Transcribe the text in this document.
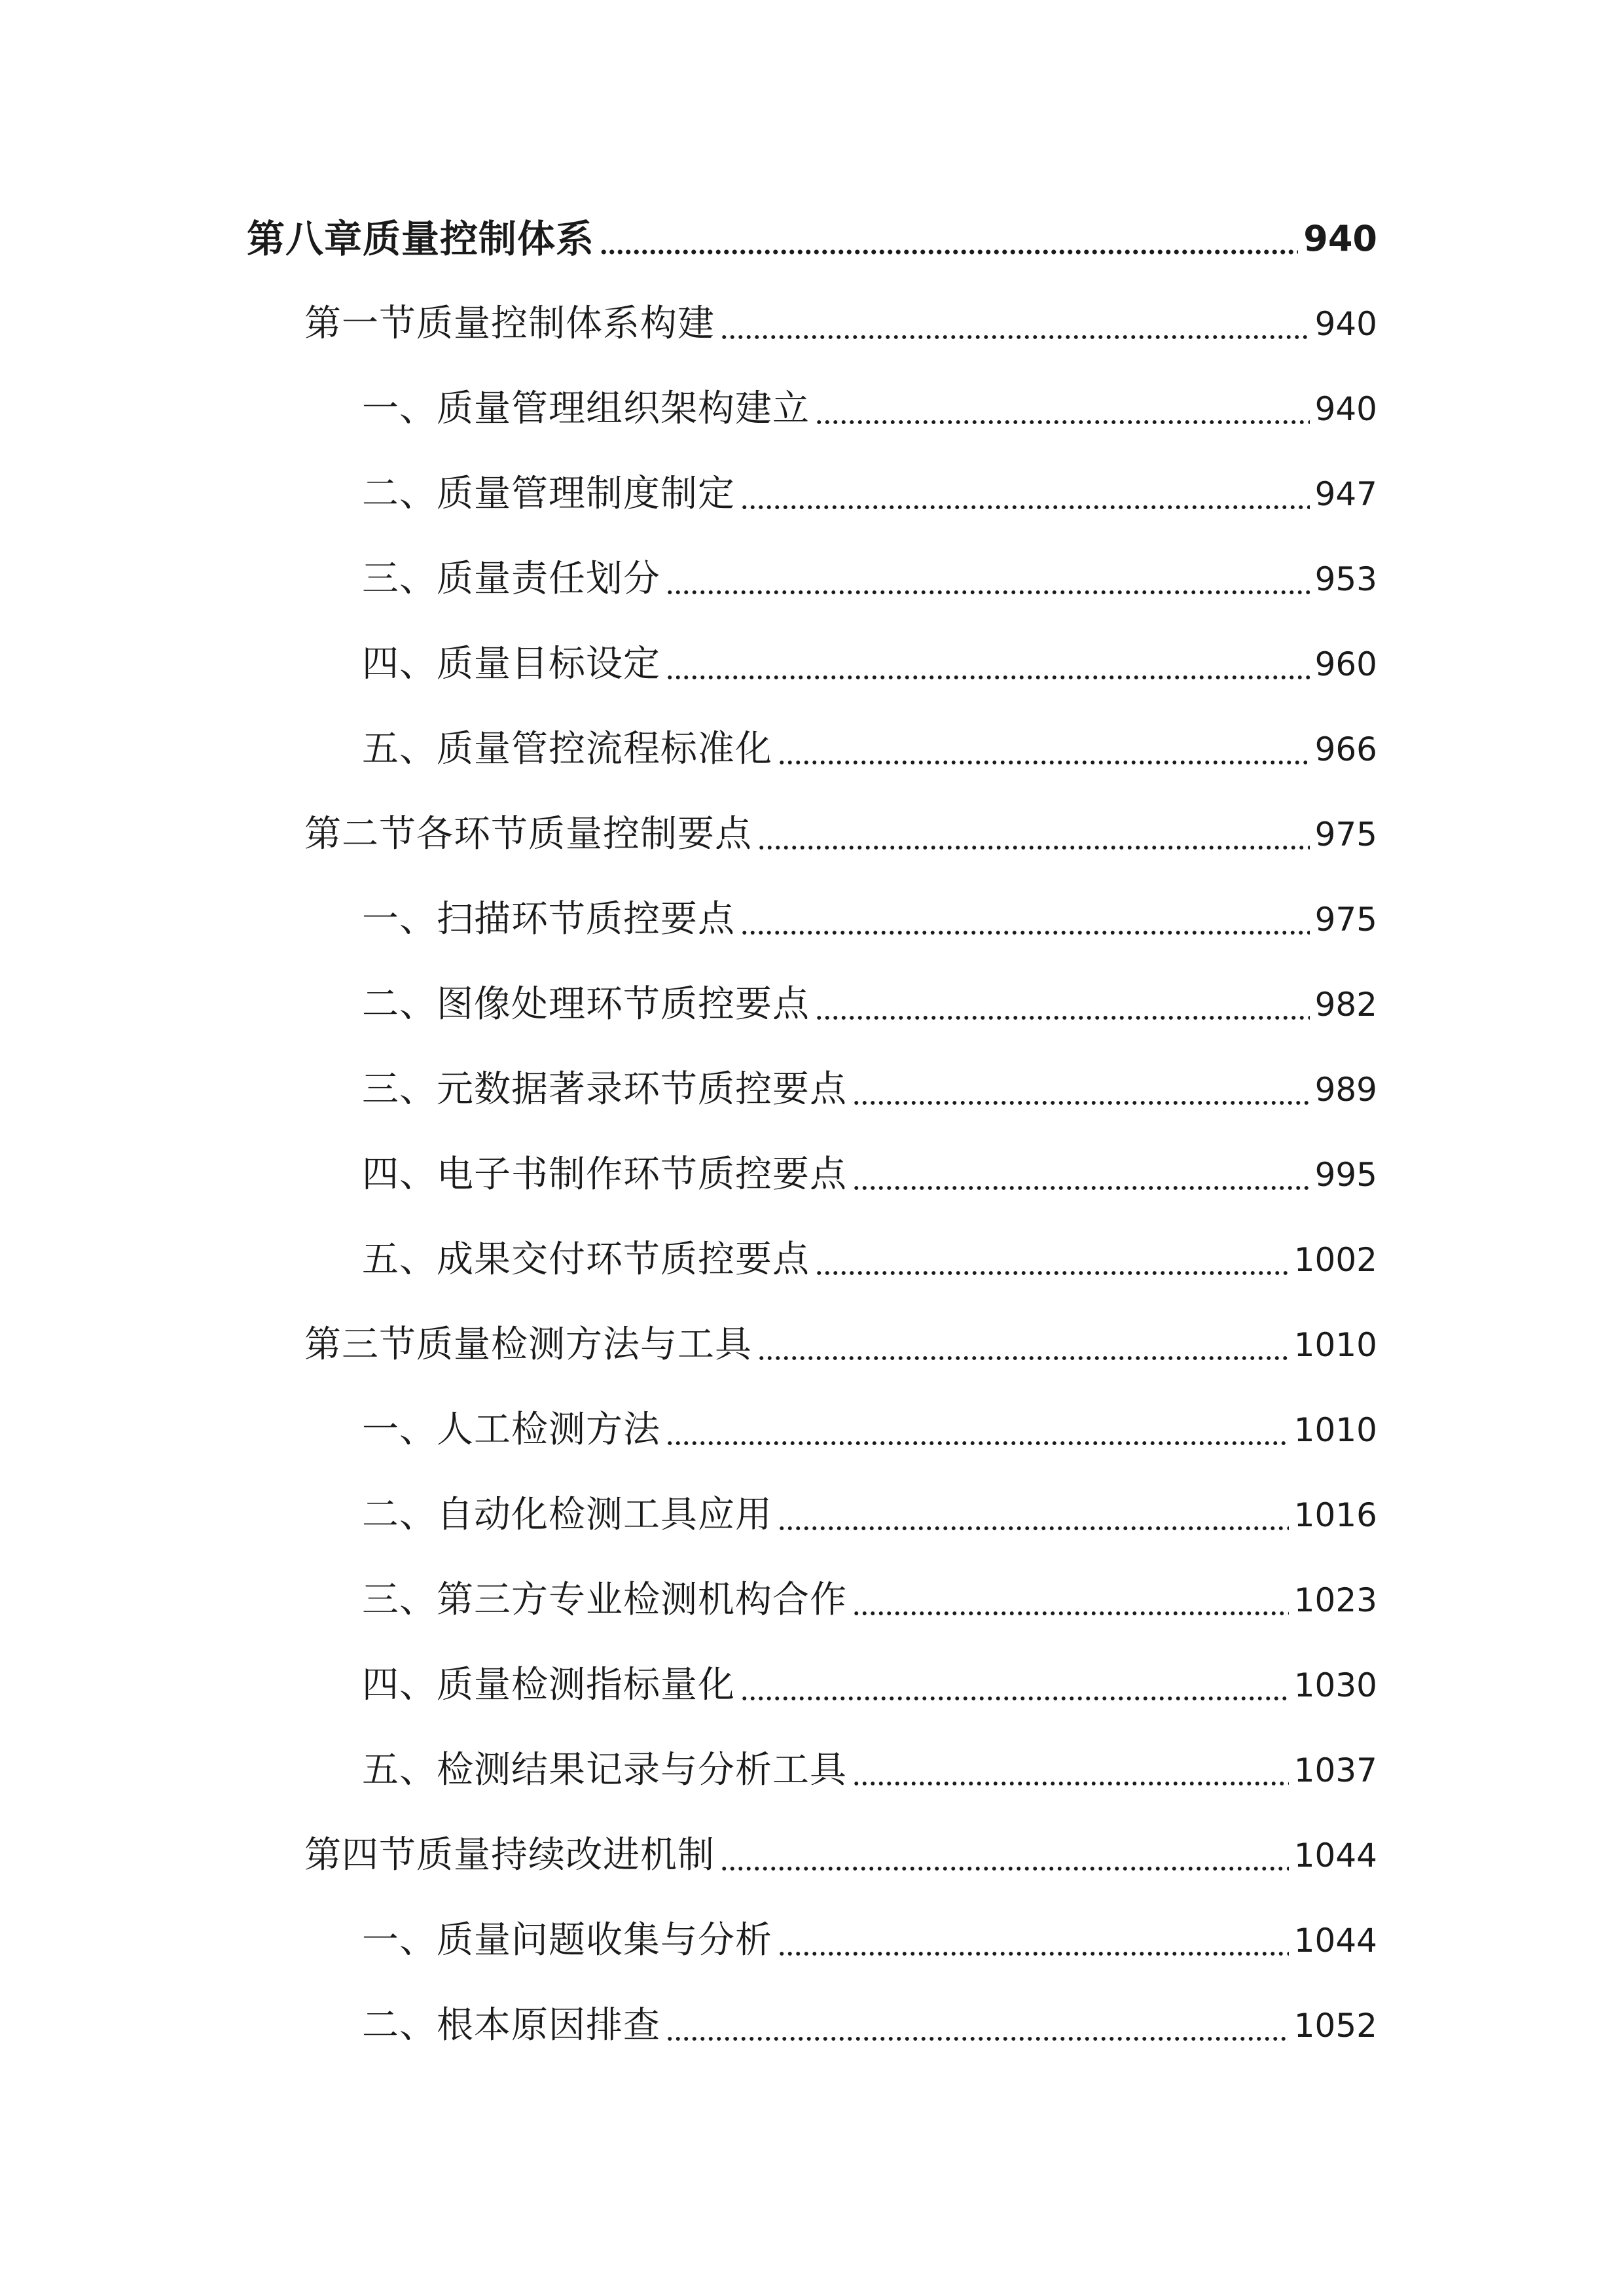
第八章质量控制体系	940
第一节质量控制体系构建	940
一、质量管理组织架构建立	940
二、质量管理制度制定	947
三、质量责任划分	953
四、质量目标设定	960
五、质量管控流程标准化	966
第二节各环节质量控制要点	975
一、扫描环节质控要点	975
二、图像处理环节质控要点	982
三、元数据著录环节质控要点	989
四、电子书制作环节质控要点	995
五、成果交付环节质控要点	1002
第三节质量检测方法与工具	1010
一、人工检测方法	1010
二、自动化检测工具应用	1016
三、第三方专业检测机构合作	1023
四、质量检测指标量化	1030
五、检测结果记录与分析工具	1037
第四节质量持续改进机制	1044
一、质量问题收集与分析	1044
二、根本原因排查	1052
